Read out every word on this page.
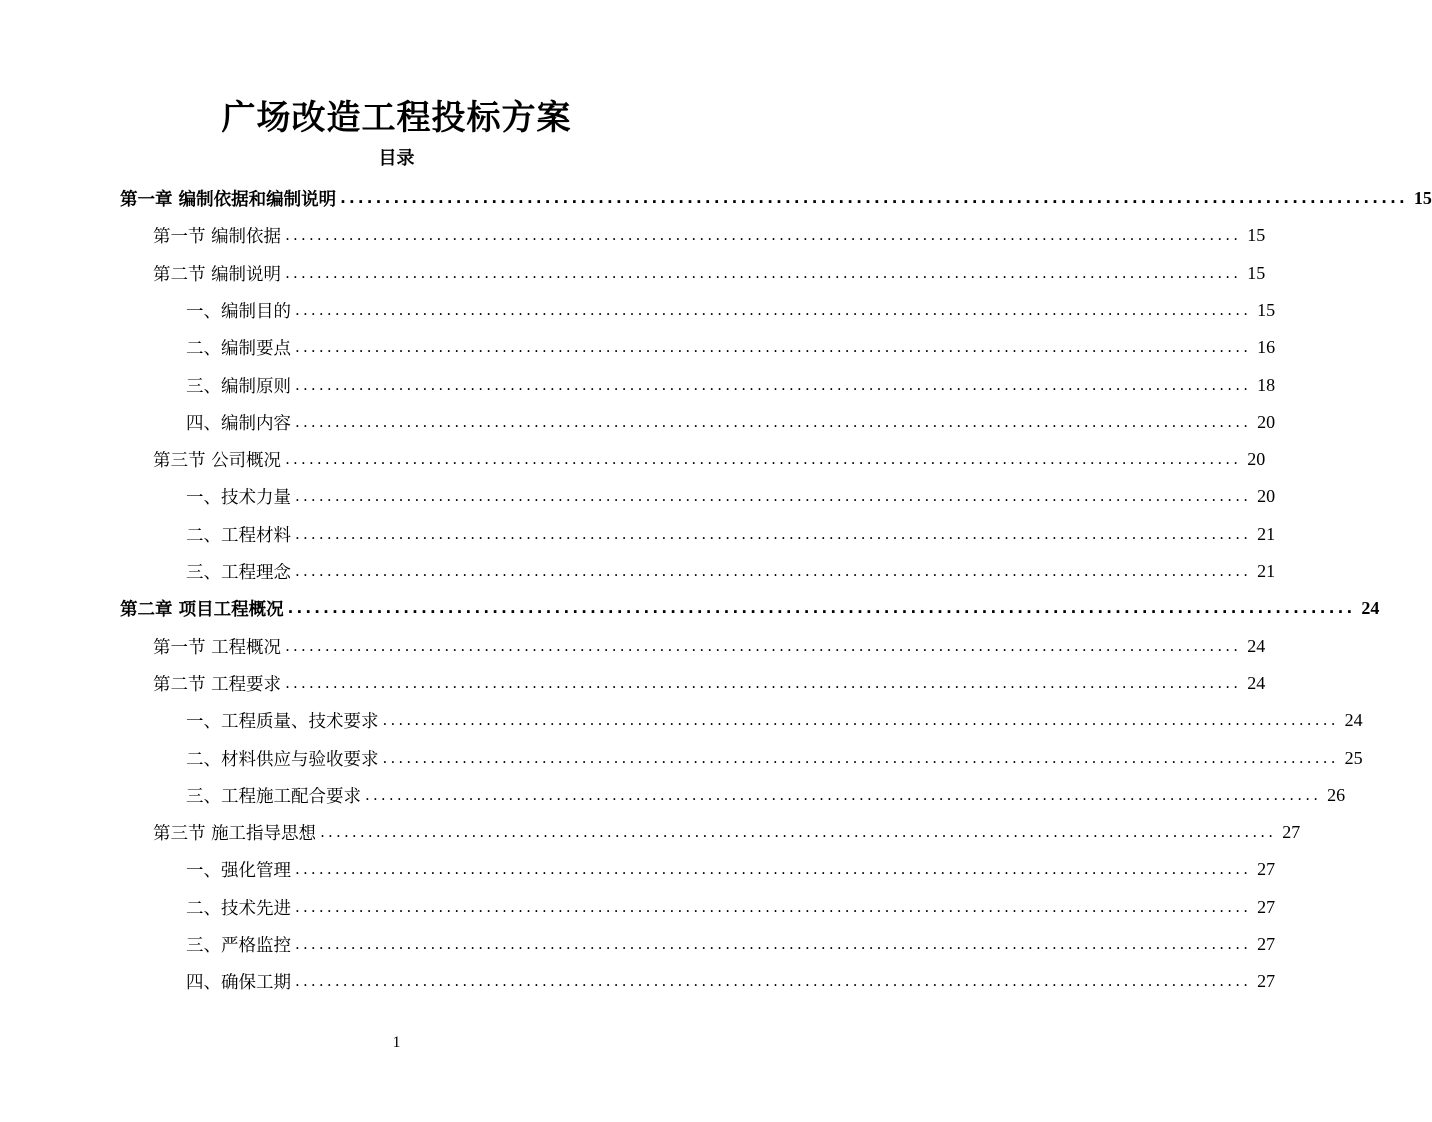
广场改造工程投标方案
目录
第一章 编制依据和编制说明 ........................................................................................................................ 15
第一节 编制依据 ........................................................................................................................ 15
第二节 编制说明 ........................................................................................................................ 15
一、编制目的 ........................................................................................................................ 15
二、编制要点 ........................................................................................................................ 16
三、编制原则 ........................................................................................................................ 18
四、编制内容 ........................................................................................................................ 20
第三节 公司概况 ........................................................................................................................ 20
一、技术力量 ........................................................................................................................ 20
二、工程材料 ........................................................................................................................ 21
三、工程理念 ........................................................................................................................ 21
第二章 项目工程概况 ........................................................................................................................ 24
第一节 工程概况 ........................................................................................................................ 24
第二节 工程要求 ........................................................................................................................ 24
一、工程质量、技术要求 ........................................................................................................................ 24
二、材料供应与验收要求 ........................................................................................................................ 25
三、工程施工配合要求 ........................................................................................................................ 26
第三节 施工指导思想 ........................................................................................................................ 27
一、强化管理 ........................................................................................................................ 27
二、技术先进 ........................................................................................................................ 27
三、严格监控 ........................................................................................................................ 27
四、确保工期 ........................................................................................................................ 27
1
